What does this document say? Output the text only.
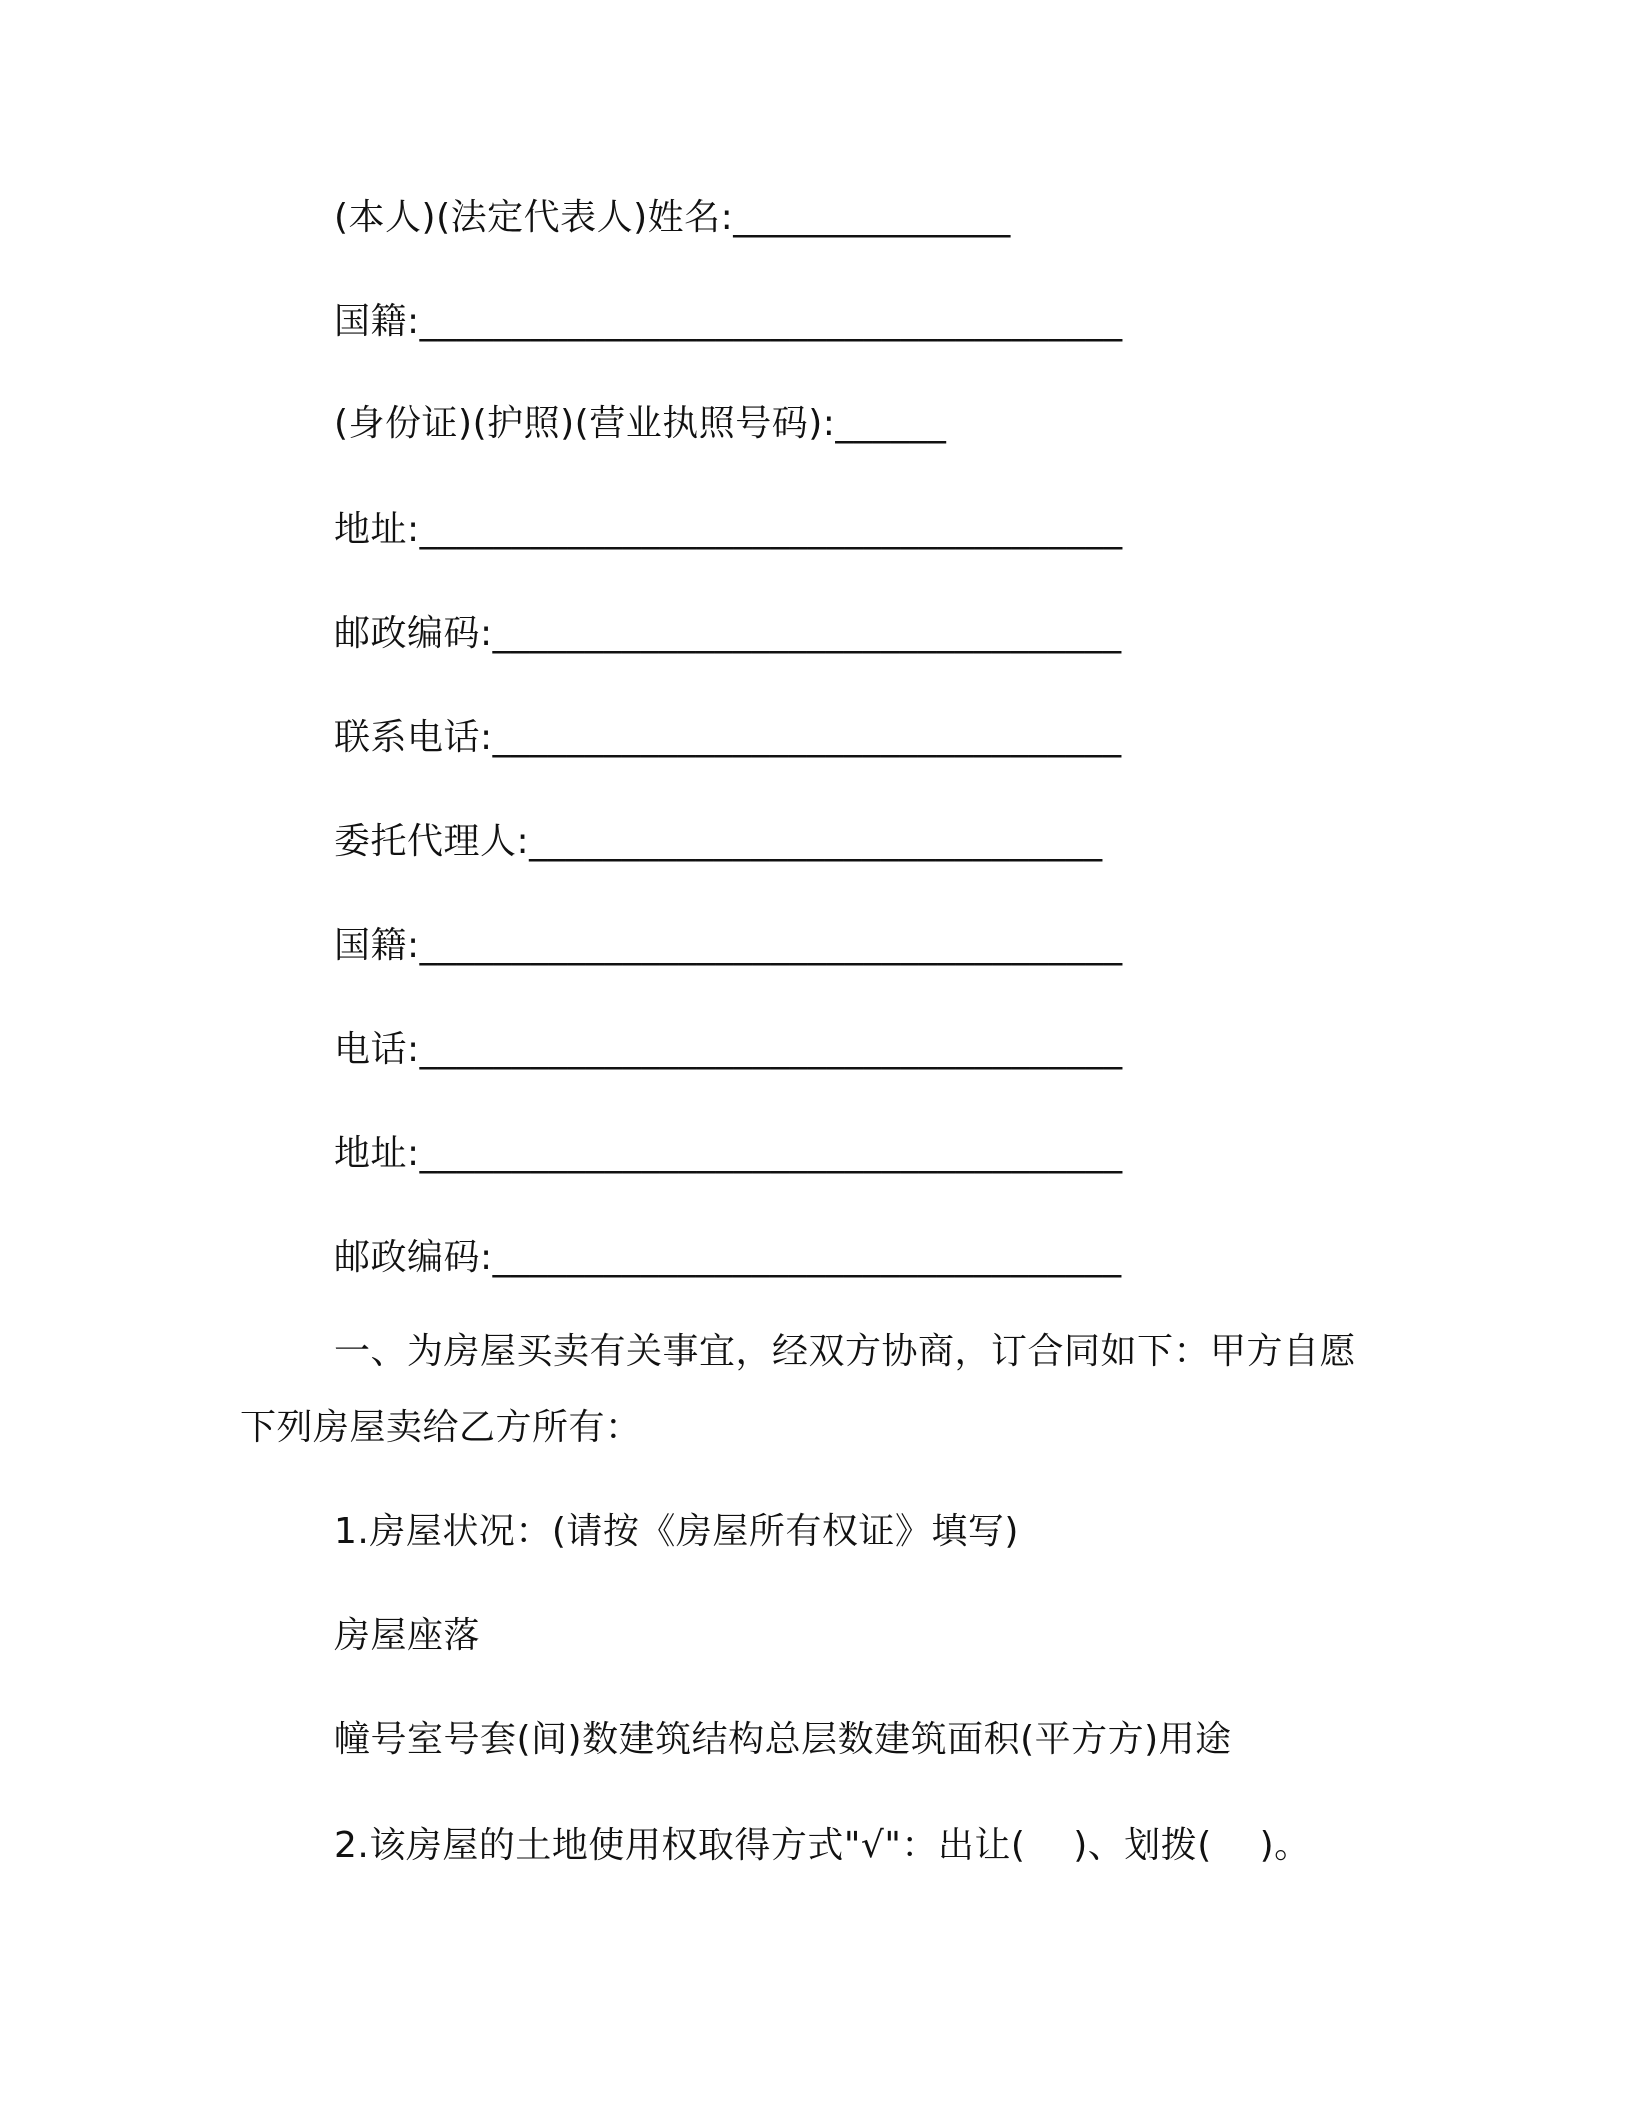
(本人)(法定代表人)姓名:_______________
国籍:______________________________________
(身份证)(护照)(营业执照号码):______
地址:______________________________________
邮政编码:__________________________________
联系电话:__________________________________
委托代理人:_______________________________
国籍:______________________________________
电话:______________________________________
地址:______________________________________
邮政编码:__________________________________
一、为房屋买卖有关事宜，经双方协商，订合同如下：甲方自愿
下列房屋卖给乙方所有：
1.房屋状况：(请按《房屋所有权证》填写)
房屋座落
幢号室号套(间)数建筑结构总层数建筑面积(平方方)用途
2.该房屋的土地使用权取得方式"√"：出让(    )、划拨(    )。
